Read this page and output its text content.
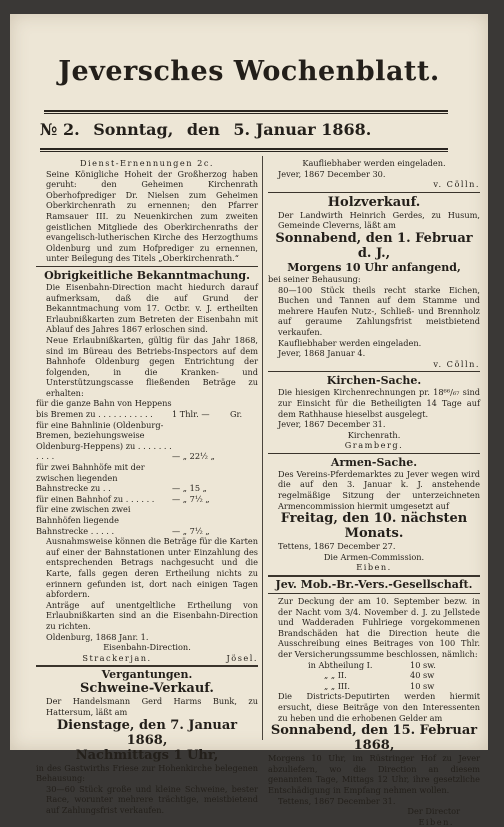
Jeversches Wochenblatt.
№ 2. Sonntag, den 5. Januar 1868.

Dienst-Ernennungen 2c.

Seine Königliche Hoheit der Großherzog haben geruht: den Geheimen Kirchenrath Oberhofprediger Dr. Nielsen zum Geheimen Oberkirchenrath zu ernennen; den Pfarrer Ramsauer III. zu Neuenkirchen zum zweiten geistlichen Mitgliede des Oberkirchenraths der evangelisch-lutherischen Kirche des Herzogthums Oldenburg und zum Hofprediger zu ernennen, unter Beilegung des Titels „Oberkirchenrath.“

Obrigkeitliche Bekanntmachung.

Die Eisenbahn-Direction macht hiedurch darauf aufmerksam, daß die auf Grund der Bekanntmachung vom 17. Octbr. v. J. ertheilten Erlaubnißkarten zum Betreten der Eisenbahn mit Ablauf des Jahres 1867 erloschen sind.

Neue Erlaubnißkarten, gültig für das Jahr 1868, sind im Büreau des Betriebs-Inspectors auf dem Bahnhofe Oldenburg gegen Entrichtung der folgenden, in die Kranken- und Unterstützungscasse fließenden Beträge zu erhalten:

für die ganze Bahn von Heppens

bis Bremen zu . . . . . . . . . . .	1 Thlr. —	Gr.
für eine Bahnlinie (Oldenburg-Bremen, beziehungsweise Oldenburg-Heppens) zu . . . . . . . . . . .	— „ 22½ „
für zwei Bahnhöfe mit der zwischen liegenden Bahnstrecke zu . .	— „ 15 „
für einen Bahnhof zu . . . . . .	— „ 7½ „
für eine zwischen zwei Bahnhöfen liegende Bahnstrecke . . . . .	— „ 7½ „

Ausnahmsweise können die Beträge für die Karten auf einer der Bahnstationen unter Einzahlung des entsprechenden Betrags nachgesucht und die Karte, falls gegen deren Ertheilung nichts zu erinnern gefunden ist, dort nach einigen Tagen abfordern.

Anträge auf unentgeltliche Ertheilung von Erlaubnißkarten sind an die Eisenbahn-Direction zu richten.

Oldenburg, 1868 Janr. 1.

Eisenbahn-Direction.

Strackerjan.	Jösel.

Vergantungen.

Schweine-Verkauf.

Der Handelsmann Gerd Harms Bunk, zu Hattersum, läßt am

Dienstage, den 7. Januar 1868,

Nachmittags 1 Uhr,

in des Gastwirths Friese zur Hohenkirche belegenen Behausung:

30—60 Stück große und kleine Schweine, bester Race, worunter mehrere trächtige, meistbietend auf Zahlungsfrist verkaufen.

Kaufliebhaber werden eingeladen.

Jever, 1867 December 30.

v. Cölln.

Holzverkauf.

Der Landwirth Heinrich Gerdes, zu Husum, Gemeinde Cleverns, läßt am

Sonnabend, den 1. Februar d. J.,

Morgens 10 Uhr anfangend,

bei seiner Behausung:

80—100 Stück theils recht starke Eichen, Buchen und Tannen auf dem Stamme und mehrere Haufen Nutz-, Schließ- und Brennholz auf geraume Zahlungsfrist meistbietend verkaufen.

Kaufliebhaber werden eingeladen.

Jever, 1868 Januar 4.

v. Cölln.

Kirchen-Sache.

Die hiesigen Kirchenrechnungen pr. 18⁶⁶/₆₇ sind zur Einsicht für die Betheiligten 14 Tage auf dem Rathhause hieselbst ausgelegt.

Jever, 1867 December 31.

Kirchenrath.

Gramberg.

Armen-Sache.

Des Vereins-Pferdemarktes zu Jever wegen wird die auf den 3. Januar k. J. anstehende regelmäßige Sitzung der unterzeichneten Armencommission hiermit umgesetzt auf

Freitag, den 10. nächsten Monats.

Tettens, 1867 December 27.

Die Armen-Commission.

Eiben.

Jev. Mob.-Br.-Vers.-Gesellschaft.

Zur Deckung der am 10. September bezw. in der Nacht vom 3/4. November d. J. zu Jellstede und Wadderaden Fuhlriege vorgekommenen Brandschäden hat die Direction heute die Ausschreibung eines Beitrages von 100 Thlr. der Versicherungssumme beschlossen, nämlich:

in Abtheilung I.	10 sw.
„ „ II.	40 sw
„ „ III.	10 sw

Die Districts-Deputirten werden hiermit ersucht, diese Beiträge von den Interessenten zu heben und die erhobenen Gelder am

Sonnabend, den 15. Februar 1868,

Morgens 10 Uhr, im Rüstringer Hof zu Jever abzuliefern, wo die Direction an diesem genannten Tage, Mittags 12 Uhr, ihre gesetzliche Entschädigung in Empfang nehmen wollen.

Tettens, 1867 December 31.

Der Director

Eiben.
